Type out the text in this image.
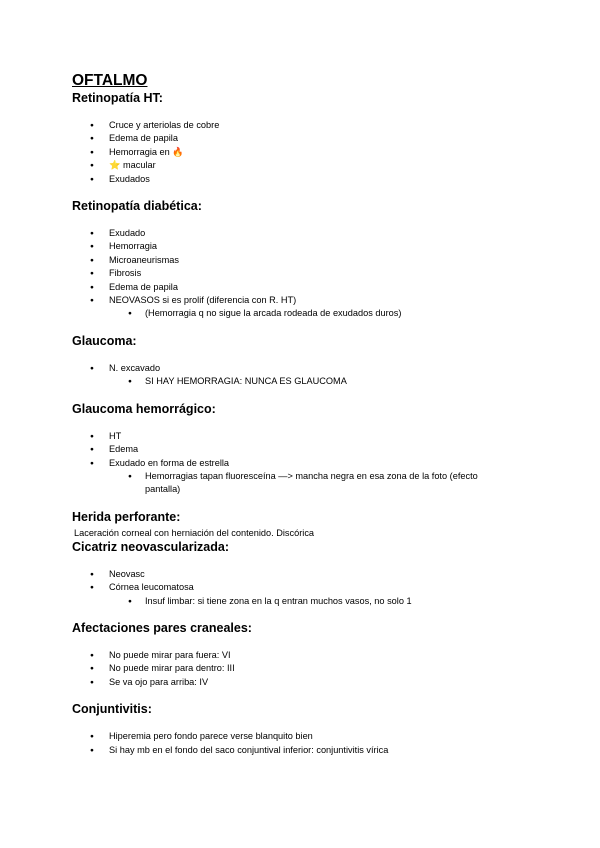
OFTALMO
Retinopatía HT:
● Cruce y arteriolas de cobre
● Edema de papila
● Hemorragia en 🔥
● ⭐ macular
● Exudados
Retinopatía diabética:
● Exudado
● Hemorragia
● Microaneurismas
● Fibrosis
● Edema de papila
● NEOVASOS si es prolif (diferencia con R. HT)
● (Hemorragia q no sigue la arcada rodeada de exudados duros)
Glaucoma:
● N. excavado
● SI HAY HEMORRAGIA: NUNCA ES GLAUCOMA
Glaucoma hemorrágico:
● HT
● Edema
● Exudado en forma de estrella
● Hemorragias tapan fluoresceína —> mancha negra en esa zona de la foto (efecto pantalla)
Herida perforante:

Laceración corneal con herniación del contenido. Discórica

Cicatriz neovascularizada:
● Neovasc
● Córnea leucomatosa
● Insuf limbar: si tiene zona en la q entran muchos vasos, no solo 1
Afectaciones pares craneales:
● No puede mirar para fuera: VI
● No puede mirar para dentro: III
● Se va ojo para arriba: IV
Conjuntivitis:
● Hiperemia pero fondo parece verse blanquito bien
● Si hay mb en el fondo del saco conjuntival inferior: conjuntivitis vírica
